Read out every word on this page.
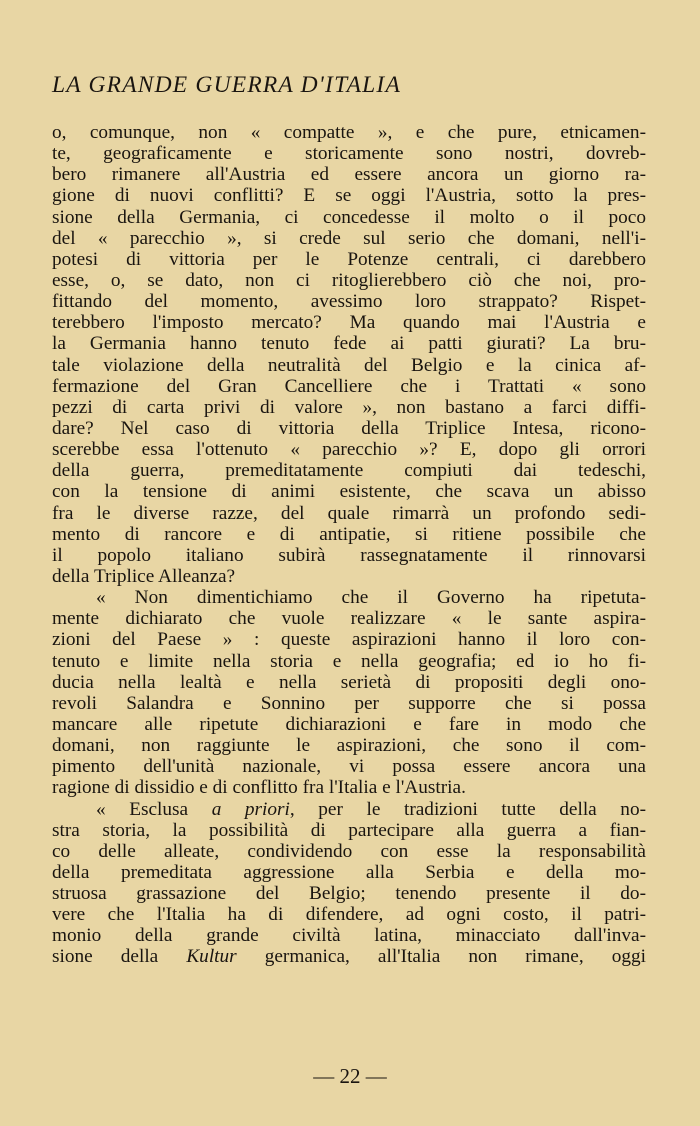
LA GRANDE GUERRA D'ITALIA
o, comunque, non « compatte », e che pure, etnicamen-
te, geograficamente e storicamente sono nostri, dovreb-
bero rimanere all'Austria ed essere ancora un giorno ra-
gione di nuovi conflitti? E se oggi l'Austria, sotto la pres-
sione della Germania, ci concedesse il molto o il poco
del « parecchio », si crede sul serio che domani, nell'i-
potesi di vittoria per le Potenze centrali, ci darebbero
esse, o, se dato, non ci ritoglierebbero ciò che noi, pro-
fittando del momento, avessimo loro strappato? Rispet-
terebbero l'imposto mercato? Ma quando mai l'Austria e
la Germania hanno tenuto fede ai patti giurati? La bru-
tale violazione della neutralità del Belgio e la cinica af-
fermazione del Gran Cancelliere che i Trattati « sono
pezzi di carta privi di valore », non bastano a farci diffi-
dare? Nel caso di vittoria della Triplice Intesa, ricono-
scerebbe essa l'ottenuto « parecchio »? E, dopo gli orrori
della guerra, premeditatamente compiuti dai tedeschi,
con la tensione di animi esistente, che scava un abisso
fra le diverse razze, del quale rimarrà un profondo sedi-
mento di rancore e di antipatie, si ritiene possibile che
il popolo italiano subirà rassegnatamente il rinnovarsi
della Triplice Alleanza?
« Non dimentichiamo che il Governo ha ripetuta-
mente dichiarato che vuole realizzare « le sante aspira-
zioni del Paese » : queste aspirazioni hanno il loro con-
tenuto e limite nella storia e nella geografia; ed io ho fi-
ducia nella lealtà e nella serietà di propositi degli ono-
revoli Salandra e Sonnino per supporre che si possa
mancare alle ripetute dichiarazioni e fare in modo che
domani, non raggiunte le aspirazioni, che sono il com-
pimento dell'unità nazionale, vi possa essere ancora una
ragione di dissidio e di conflitto fra l'Italia e l'Austria.
« Esclusa a priori, per le tradizioni tutte della no-
stra storia, la possibilità di partecipare alla guerra a fian-
co delle alleate, condividendo con esse la responsabilità
della premeditata aggressione alla Serbia e della mo-
struosa grassazione del Belgio; tenendo presente il do-
vere che l'Italia ha di difendere, ad ogni costo, il patri-
monio della grande civiltà latina, minacciato dall'inva-
sione della Kultur germanica, all'Italia non rimane, oggi
— 22 —
